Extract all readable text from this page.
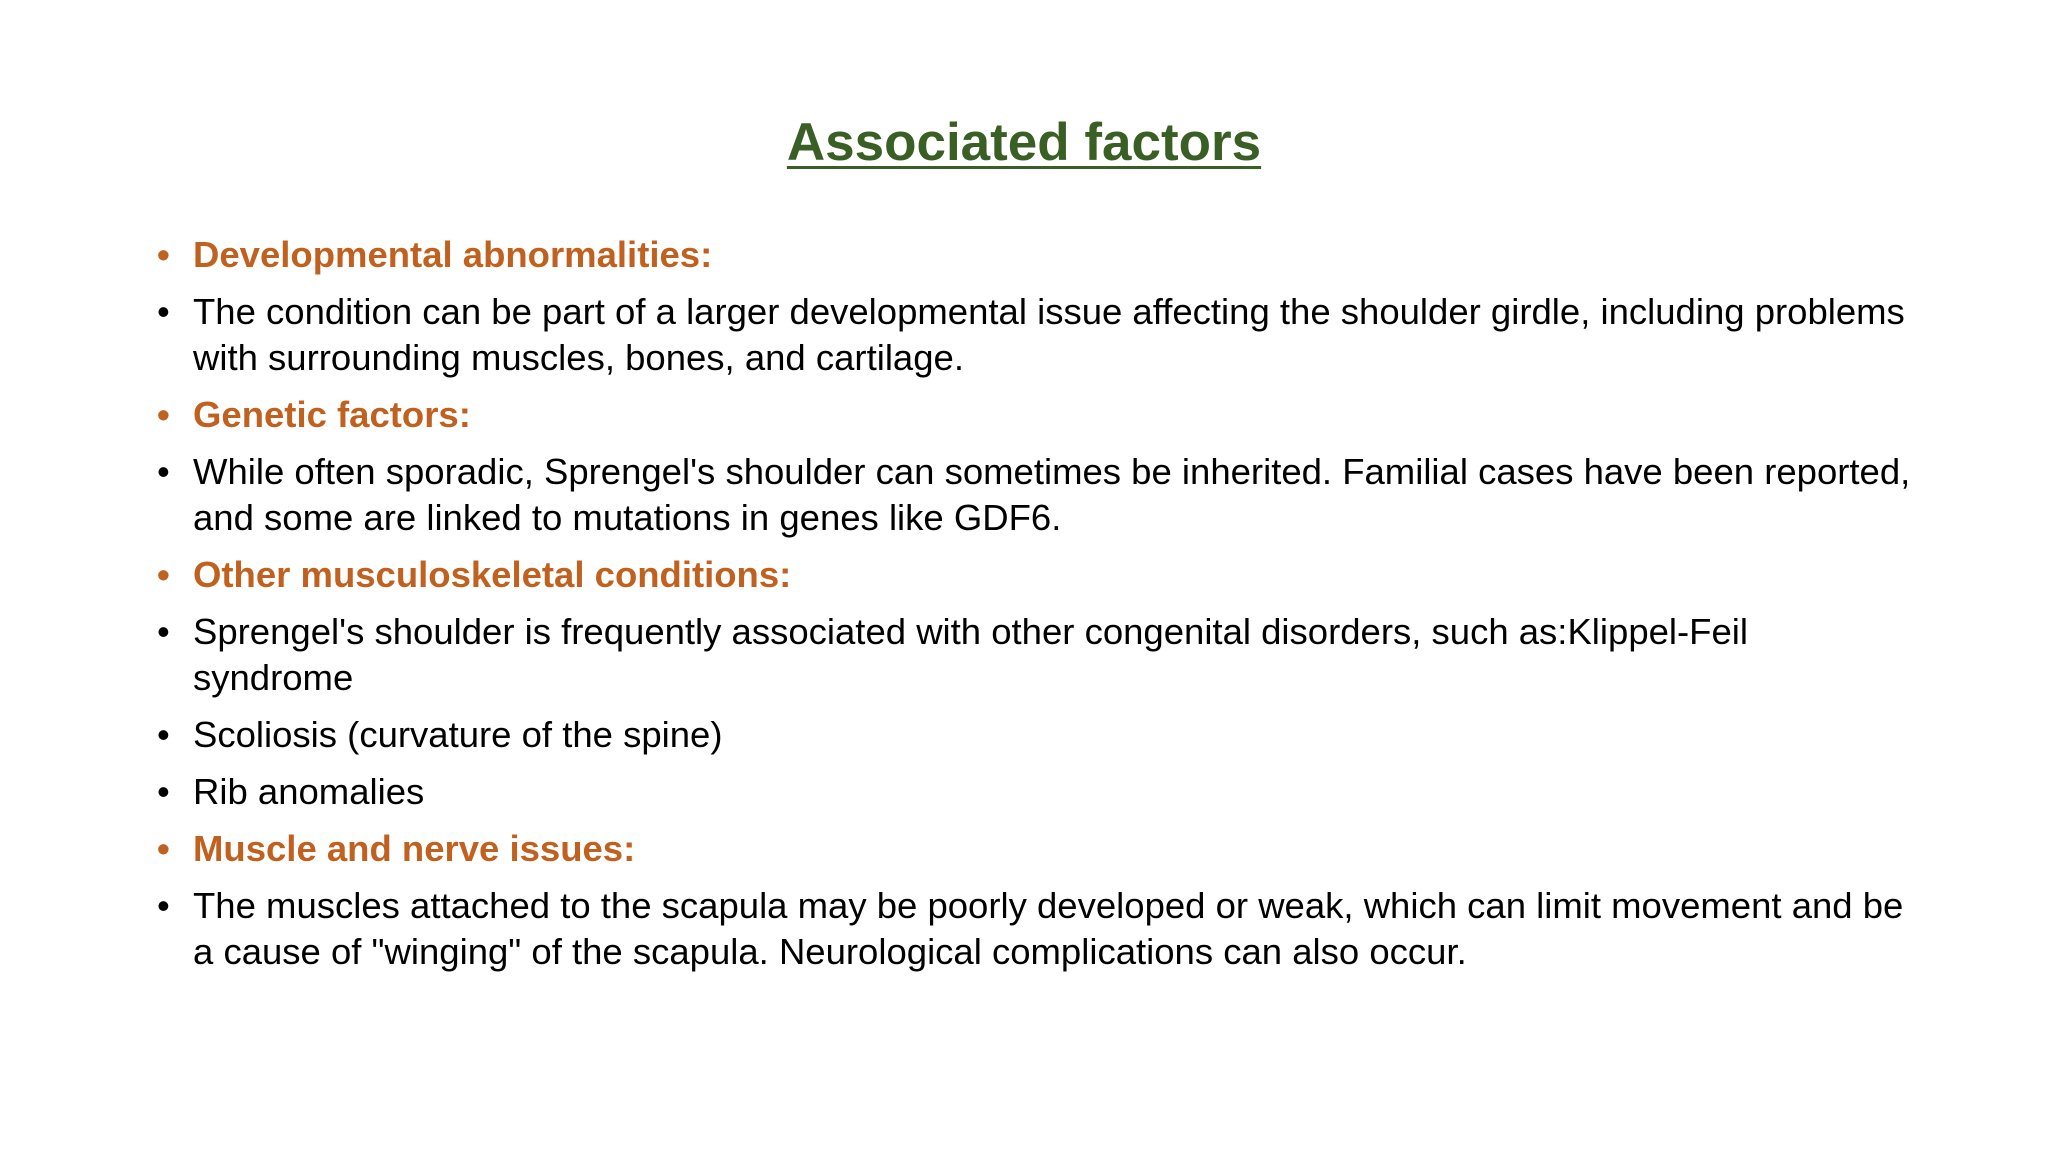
Associated factors
• Developmental abnormalities:
• The condition can be part of a larger developmental issue affecting the shoulder girdle, including problems with surrounding muscles, bones, and cartilage.
• Genetic factors:
• While often sporadic, Sprengel's shoulder can sometimes be inherited. Familial cases have been reported, and some are linked to mutations in genes like GDF6.
• Other musculoskeletal conditions:
• Sprengel's shoulder is frequently associated with other congenital disorders, such as:Klippel-Feil syndrome
• Scoliosis (curvature of the spine)
• Rib anomalies
• Muscle and nerve issues:
• The muscles attached to the scapula may be poorly developed or weak, which can limit movement and be a cause of "winging" of the scapula. Neurological complications can also occur.
